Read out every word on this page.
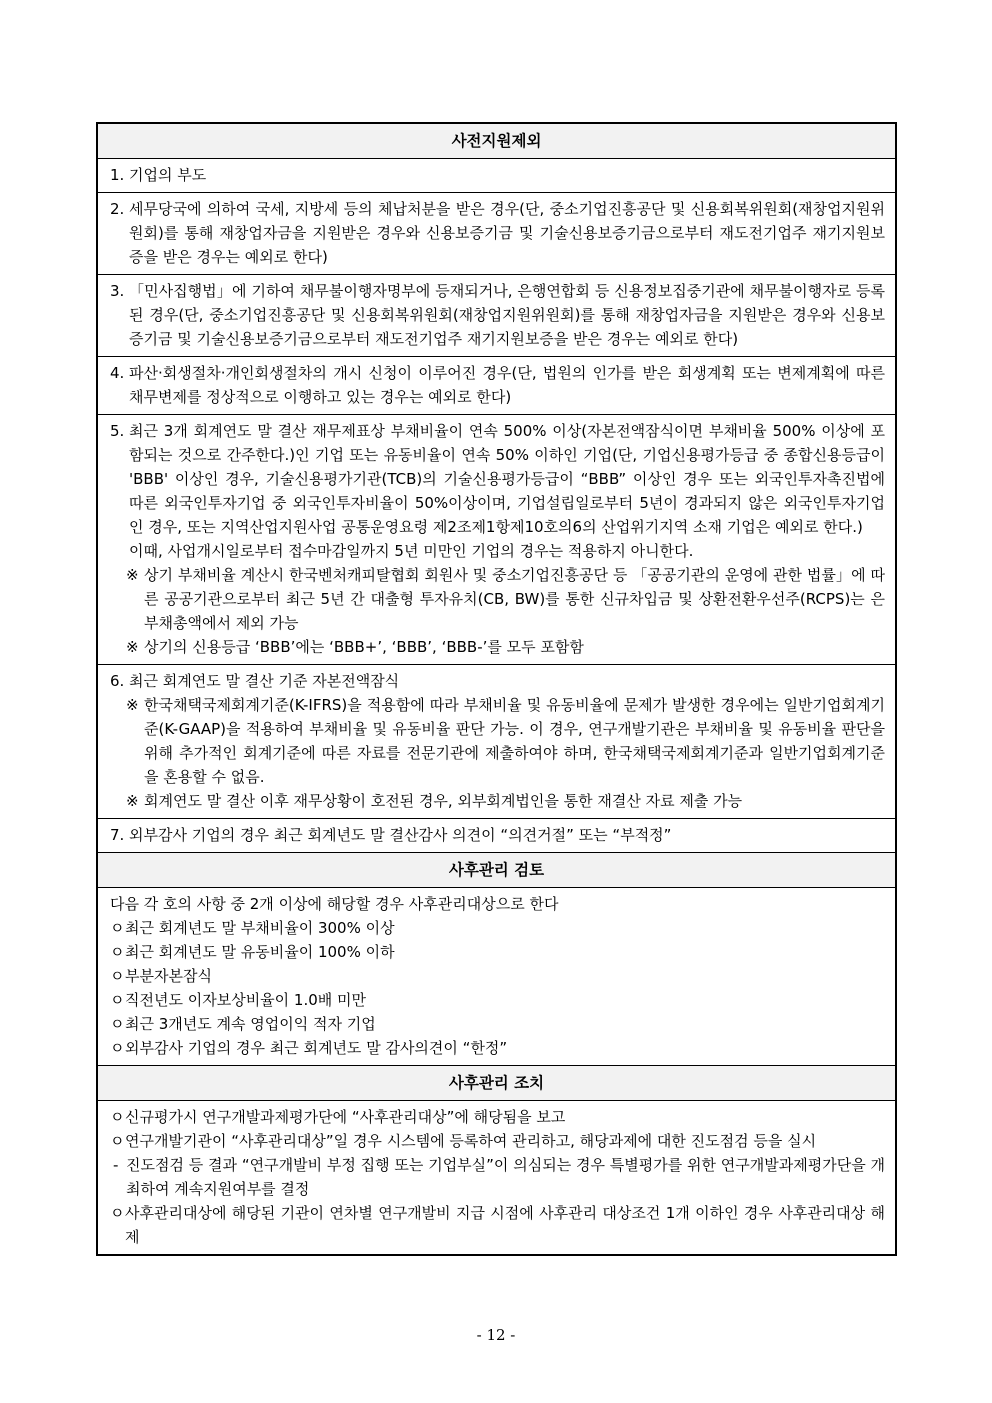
사전지원제외
1. 기업의 부도
2. 세무당국에 의하여 국세, 지방세 등의 체납처분을 받은 경우(단, 중소기업진흥공단 및 신용회복위원회(재창업지원위원회)를 통해 재창업자금을 지원받은 경우와 신용보증기금 및 기술신용보증기금으로부터 재도전기업주 재기지원보증을 받은 경우는 예외로 한다)
3. 「민사집행법」에 기하여 채무불이행자명부에 등재되거나, 은행연합회 등 신용정보집중기관에 채무불이행자로 등록된 경우(단, 중소기업진흥공단 및 신용회복위원회(재창업지원위원회)를 통해 재창업자금을 지원받은 경우와 신용보증기금 및 기술신용보증기금으로부터 재도전기업주 재기지원보증을 받은 경우는 예외로 한다)
4. 파산·회생절차·개인회생절차의 개시 신청이 이루어진 경우(단, 법원의 인가를 받은 회생계획 또는 변제계획에 따른 채무변제를 정상적으로 이행하고 있는 경우는 예외로 한다)
5. 최근 3개 회계연도 말 결산 재무제표상 부채비율이 연속 500% 이상(자본전액잠식이면 부채비율 500% 이상에 포함되는 것으로 간주한다.)인 기업 또는 유동비율이 연속 50% 이하인 기업(단, 기업신용평가등급 중 종합신용등급이 'BBB' 이상인 경우, 기술신용평가기관(TCB)의 기술신용평가등급이 “BBB” 이상인 경우 또는 외국인투자촉진법에 따른 외국인투자기업 중 외국인투자비율이 50%이상이며, 기업설립일로부터 5년이 경과되지 않은 외국인투자기업인 경우, 또는 지역산업지원사업 공통운영요령 제2조제1항제10호의6의 산업위기지역 소재 기업은 예외로 한다.)
이때, 사업개시일로부터 접수마감일까지 5년 미만인 기업의 경우는 적용하지 아니한다.
※ 상기 부채비율 계산시 한국벤처캐피탈협회 회원사 및 중소기업진흥공단 등 「공공기관의 운영에 관한 법률」에 따른 공공기관으로부터 최근 5년 간 대출형 투자유치(CB, BW)를 통한 신규차입금 및 상환전환우선주(RCPS)는 은 부채총액에서 제외 가능
※ 상기의 신용등급 ‘BBB’에는 ‘BBB+’, ‘BBB’, ‘BBB-’를 모두 포함함
6. 최근 회계연도 말 결산 기준 자본전액잠식
※ 한국채택국제회계기준(K-IFRS)을 적용함에 따라 부채비율 및 유동비율에 문제가 발생한 경우에는 일반기업회계기준(K-GAAP)을 적용하여 부채비율 및 유동비율 판단 가능. 이 경우, 연구개발기관은 부채비율 및 유동비율 판단을 위해 추가적인 회계기준에 따른 자료를 전문기관에 제출하여야 하며, 한국채택국제회계기준과 일반기업회계기준을 혼용할 수 없음.
※ 회계연도 말 결산 이후 재무상황이 호전된 경우, 외부회계법인을 통한 재결산 자료 제출 가능
7. 외부감사 기업의 경우 최근 회계년도 말 결산감사 의견이 “의견거절” 또는 “부적정”
사후관리 검토
다음 각 호의 사항 중 2개 이상에 해당할 경우 사후관리대상으로 한다
ㅇ 최근 회계년도 말 부채비율이 300% 이상
ㅇ 최근 회계년도 말 유동비율이 100% 이하
ㅇ 부분자본잠식
ㅇ 직전년도 이자보상비율이 1.0배 미만
ㅇ 최근 3개년도 계속 영업이익 적자 기업
ㅇ 외부감사 기업의 경우 최근 회계년도 말 감사의견이 “한정”
사후관리 조치
ㅇ 신규평가시 연구개발과제평가단에 “사후관리대상”에 해당됨을 보고
ㅇ 연구개발기관이 “사후관리대상”일 경우 시스템에 등록하여 관리하고, 해당과제에 대한 진도점검 등을 실시
- 진도점검 등 결과 “연구개발비 부정 집행 또는 기업부실”이 의심되는 경우 특별평가를 위한 연구개발과제평가단을 개최하여 계속지원여부를 결정
ㅇ 사후관리대상에 해당된 기관이 연차별 연구개발비 지급 시점에 사후관리 대상조건 1개 이하인 경우 사후관리대상 해제
- 12 -
